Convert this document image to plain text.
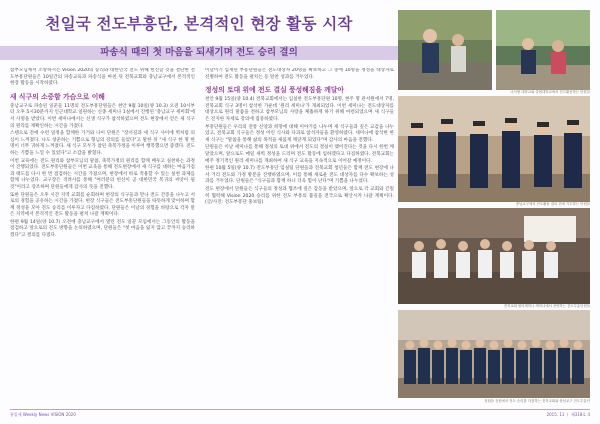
천일국 전도부흥단, 본격적인 현장 활동 시작
파송식 때의 첫 마음을 되새기며 전도 승리 결의

참부모님께서 소망하시는 Vision 2020의 승리와 대한민국 전도 위해 헌신할 것을 결단한 전도부흥단원들은 10일간의 파송교육과 파송식을 마친 뒤 전북교회와 충남교구에서 본격적인 현장 활동을 시작하였다.

새 식구의 소중함 가슴으로 이해

충남교구로 파송된 일꾼들 11명의 전도부흥단원들은 천안 9월 10일(양 10.3) 오전 10시부터 오후 5시30분까지 인근대학교 일원하는 신종 세미나 1실에서 진행된 '충남교구 세미회'에서 사명을 받았다. 이번 세미나에서는 신생 식구가 참석하였으며 전도 현장에서 얻은 새 식구의 원리를 재확인하는 시간을 가졌다.

스텐으로 전에 수련 일정을 함께한 가거와 나이 단원은 "장서길과 새 식구 사이에 벽처럼 의심이 느껴졌다. 나도 창꾼하는 기쁨으로 형님의 강의를 들었다"고 말한 뒤 "새 식구 한 명 한 명이 너무 귀하게 느껴졌다. 새 식구 모두가 참된 축복가정을 이루어 행복했으면 좋겠다. 전도하는 기쁨을 느낄 수 있었다"고 소감을 밝혔다.

이번 교육에는 전도 원리와 참부모님의 말씀, 축복가정의 원리를 함께 배우고 실천하는 과정이 진행되었다. 전도부흥단원들은 이번 교육을 통해 전도현장에서 새 식구를 대하는 마음가짐과 태도를 다시 한 번 점검하는 시간을 가졌으며, 현장에서 바로 적용할 수 있는 실천 과제를 함께 나누었다. 교구장은 격려사를 통해 "여러분의 헌신이 곧 대한민국 복귀의 씨앗이 될 것"이라고 강조하며 단원들에게 감사의 뜻을 전했다.

또한 단원들은 오후 시간 지역 교회를 순회하며 현장의 식구들과 만나 전도 간증을 나누고 서로의 경험을 공유하는 시간을 가졌다. 현장 식구들은 전도부흥단원들을 따뜻하게 맞이하며 함께 정성을 모아 전도 승리를 이루자고 다짐하였다. 단원들은 이날의 경험을 바탕으로 각자 맡은 지역에서 본격적인 전도 활동을 펼쳐 나갈 계획이다.

한편 9월 14일(양 10.7) 오전에 충남교구에서 열린 전도 일꾼 모임에서는 그동안의 활동을 점검하고 앞으로의 전도 방향을 논의하였으며, 단원들은 "첫 마음을 잃지 않고 끝까지 승리하겠다"고 결의를 다졌다.

이날이기 입재된 부흥단원들은 전도대상자 20명을 확보하고 그 중에 10명을 정성을 대상자로 선별하여 전도 활동을 펼치는 등 알찬 성과를 거두었다.

정성의 토대 위에 전도 결실 풍성해짐을 깨달아

천안 9월 15일(양 10.4) 전북교회에서는 입실한 전도부흥단원 10명, 현주 명 관서원에서 7명, 전북교회 식구 3명이 참석한 가운데 '원리 세미나'가 개최되었다. 이번 세미나는 전도대상자를 대상으로 원리 말씀을 전하고 참부모님의 사랑을 체휼하게 하기 위해 마련되었으며 새 식구들은 진지한 자세로 강의에 집중하였다.

부흥단원들은 우리의 전통 신앙과 희망에 대해 이야기를 나누며 새 식구들과 깊은 교감을 나누었고, 전북교회 식구들은 정성 어린 식사와 다과로 참석자들을 환영하였다. 세미나에 참석한 한 새 식구는 "말씀을 통해 삶의 목적을 새롭게 깨닫게 되었다"며 감사의 마음을 전했다.

단원들은 이날 세미나를 통해 정성의 토대 위에서 전도의 결실이 맺어진다는 것을 다시 한번 깨달았으며, 앞으로도 매일 새벽 정성을 드리며 전도 활동에 임하겠다고 다짐하였다. 전북교회는 매주 정기적인 원리 세미나를 개최하여 새 식구 교육을 지속적으로 이어갈 예정이다.

한편 10월 5일(양 10.7) 전도부흥단 임실팀 단원들과 전북교회 청년들은 함께 전도 현장에 나서 거리 전도와 가정 방문을 진행하였으며, 이를 통해 새로운 전도 대상자를 다수 확보하는 성과를 거두었다. 단원들은 "식구들과 함께 하니 더욱 힘이 난다"며 기쁨을 나누었다.

전도 현장에서 단원들은 식구들의 정성과 협조에 깊은 감동을 받았으며, 앞으로 각 교회와 긴밀히 협력해 Vision 2020 승리를 위한 전도 부흥의 불길을 전국으로 확산시켜 나갈 계획이다. (글/사진: 전도부흥단 홍보팀)

나사랑 대학교와 중원대학교에서 전도활동하는 단원들
충남교구에서 전도활동 결의 전에 기도하는 단원들
전북교회 원리세미나 세미나에서 찬양하는 전도부흥단원들
천원을 전원에서 전도 승리를 다짐하는 전북교회와 충남교구 전도부흥단
통일세 Weekly News VISION 2020	2015. 11 ㅣ 제318호 4
